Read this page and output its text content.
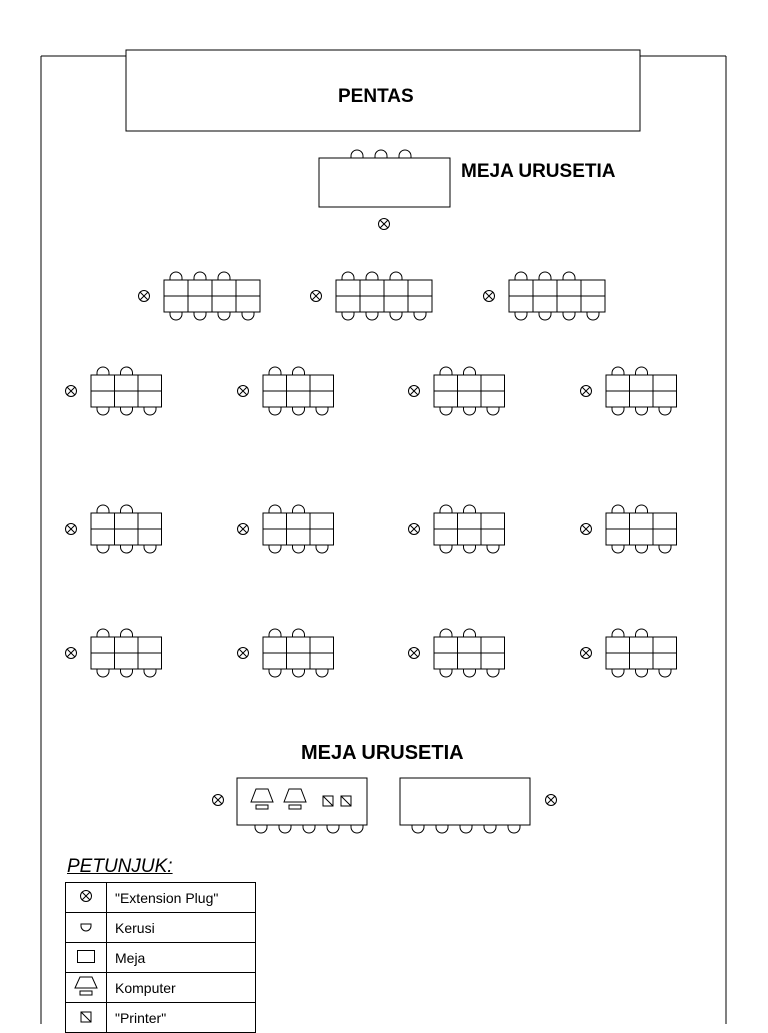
PENTAS
MEJA URUSETIA
MEJA URUSETIA
PETUNJUK:
	"Extension Plug"
	Kerusi
	Meja
	Komputer
	"Printer"
